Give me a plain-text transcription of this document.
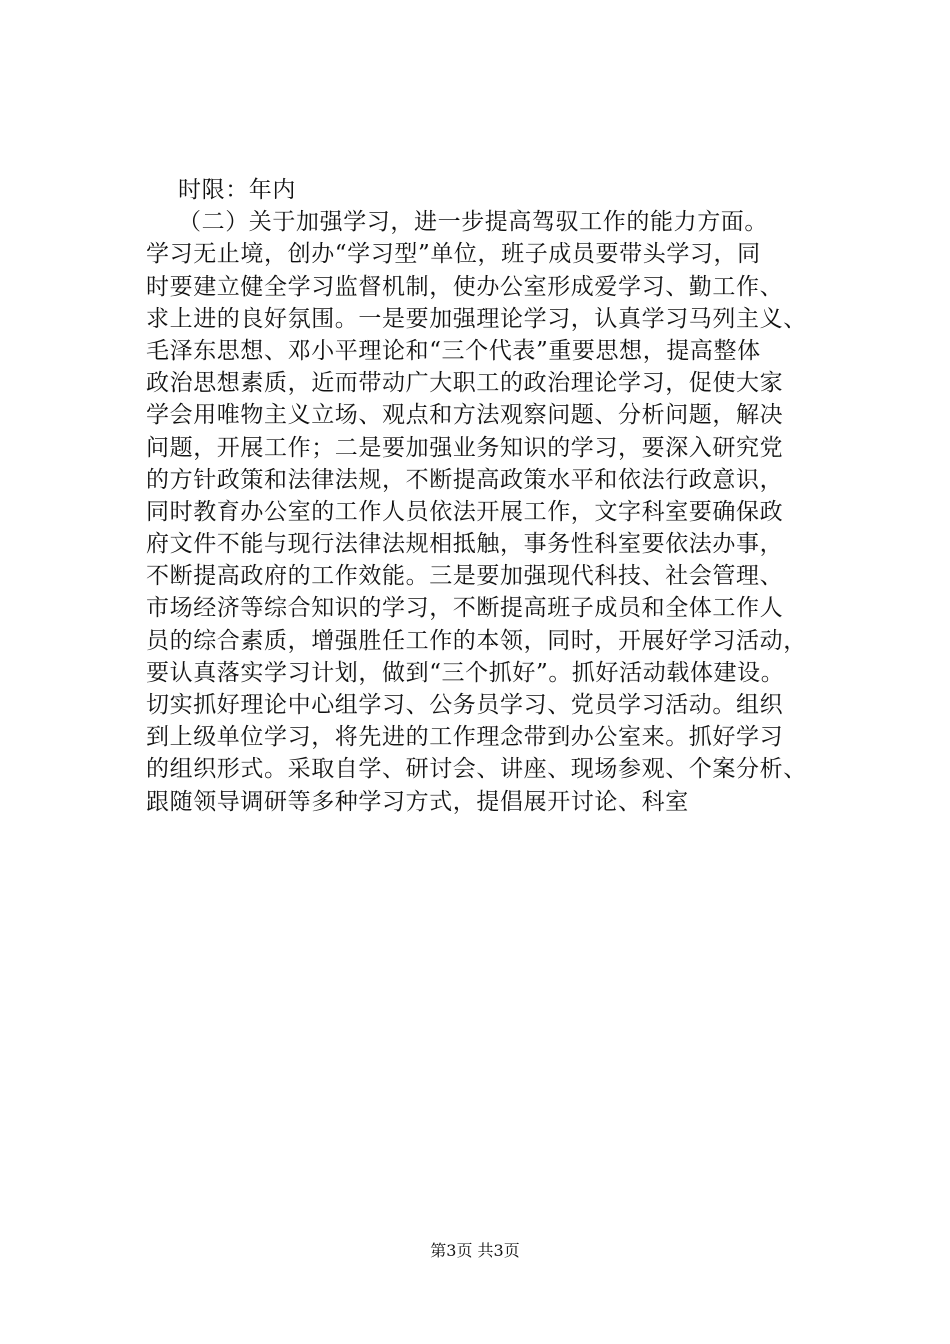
时限：年内
（二）关于加强学习，进一步提高驾驭工作的能力方面。
学习无止境，创办“学习型”单位，班子成员要带头学习，同
时要建立健全学习监督机制，使办公室形成爱学习、勤工作、
求上进的良好氛围。一是要加强理论学习，认真学习马列主义、
毛泽东思想、邓小平理论和“三个代表”重要思想，提高整体
政治思想素质，近而带动广大职工的政治理论学习，促使大家
学会用唯物主义立场、观点和方法观察问题、分析问题，解决
问题，开展工作；二是要加强业务知识的学习，要深入研究党
的方针政策和法律法规，不断提高政策水平和依法行政意识，
同时教育办公室的工作人员依法开展工作，文字科室要确保政
府文件不能与现行法律法规相抵触，事务性科室要依法办事，
不断提高政府的工作效能。三是要加强现代科技、社会管理、
市场经济等综合知识的学习，不断提高班子成员和全体工作人
员的综合素质，增强胜任工作的本领，同时，开展好学习活动，
要认真落实学习计划，做到“三个抓好”。抓好活动载体建设。
切实抓好理论中心组学习、公务员学习、党员学习活动。组织
到上级单位学习，将先进的工作理念带到办公室来。抓好学习
的组织形式。采取自学、研讨会、讲座、现场参观、个案分析、
跟随领导调研等多种学习方式，提倡展开讨论、科室
第3页 共3页
